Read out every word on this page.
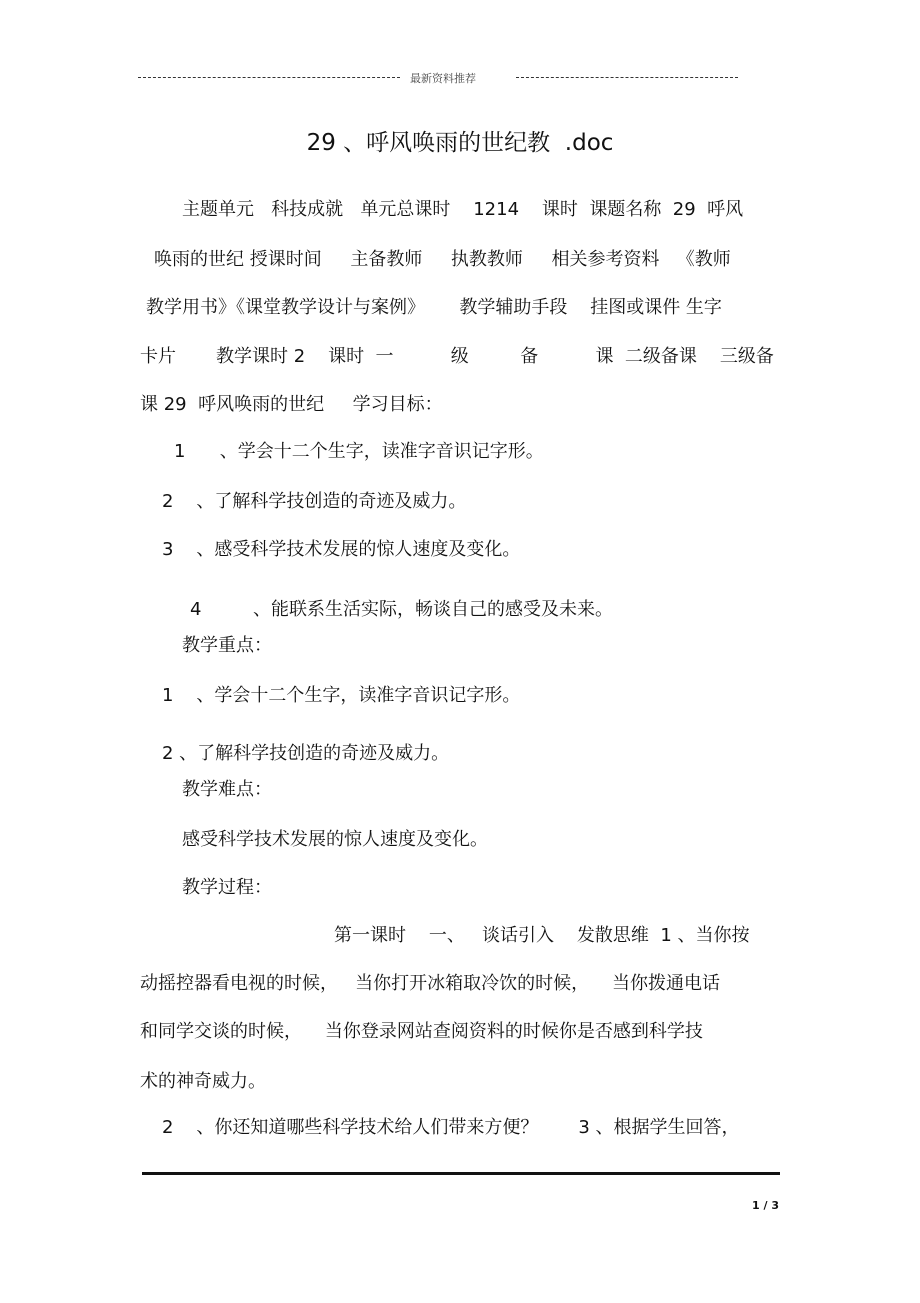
最新资料推荐
29 、呼风唤雨的世纪教  .doc
主题单元   科技成就   单元总课时    1214    课时  课题名称  29  呼风
唤雨的世纪 授课时间     主备教师     执教教师     相关参考资料   《教师
教学用书》《课堂教学设计与案例》      教学辅助手段    挂图或课件 生字
卡片       教学课时 2    课时  一          级         备          课  二级备课    三级备
课 29  呼风唤雨的世纪     学习目标：
1      、学会十二个生字，读准字音识记字形。
2    、了解科学技创造的奇迹及威力。
3    、感受科学技术发展的惊人速度及变化。
4         、能联系生活实际，畅谈自己的感受及未来。
教学重点：
1    、学会十二个生字，读准字音识记字形。
2 、了解科学技创造的奇迹及威力。
教学难点：
感受科学技术发展的惊人速度及变化。
教学过程：
第一课时    一、   谈话引入    发散思维  1 、当你按
动摇控器看电视的时候，   当你打开冰箱取冷饮的时候，    当你拨通电话
和同学交谈的时候，    当你登录网站查阅资料的时候你是否感到科学技
术的神奇威力。
2    、你还知道哪些科学技术给人们带来方便？       3 、根据学生回答，
1 / 3
